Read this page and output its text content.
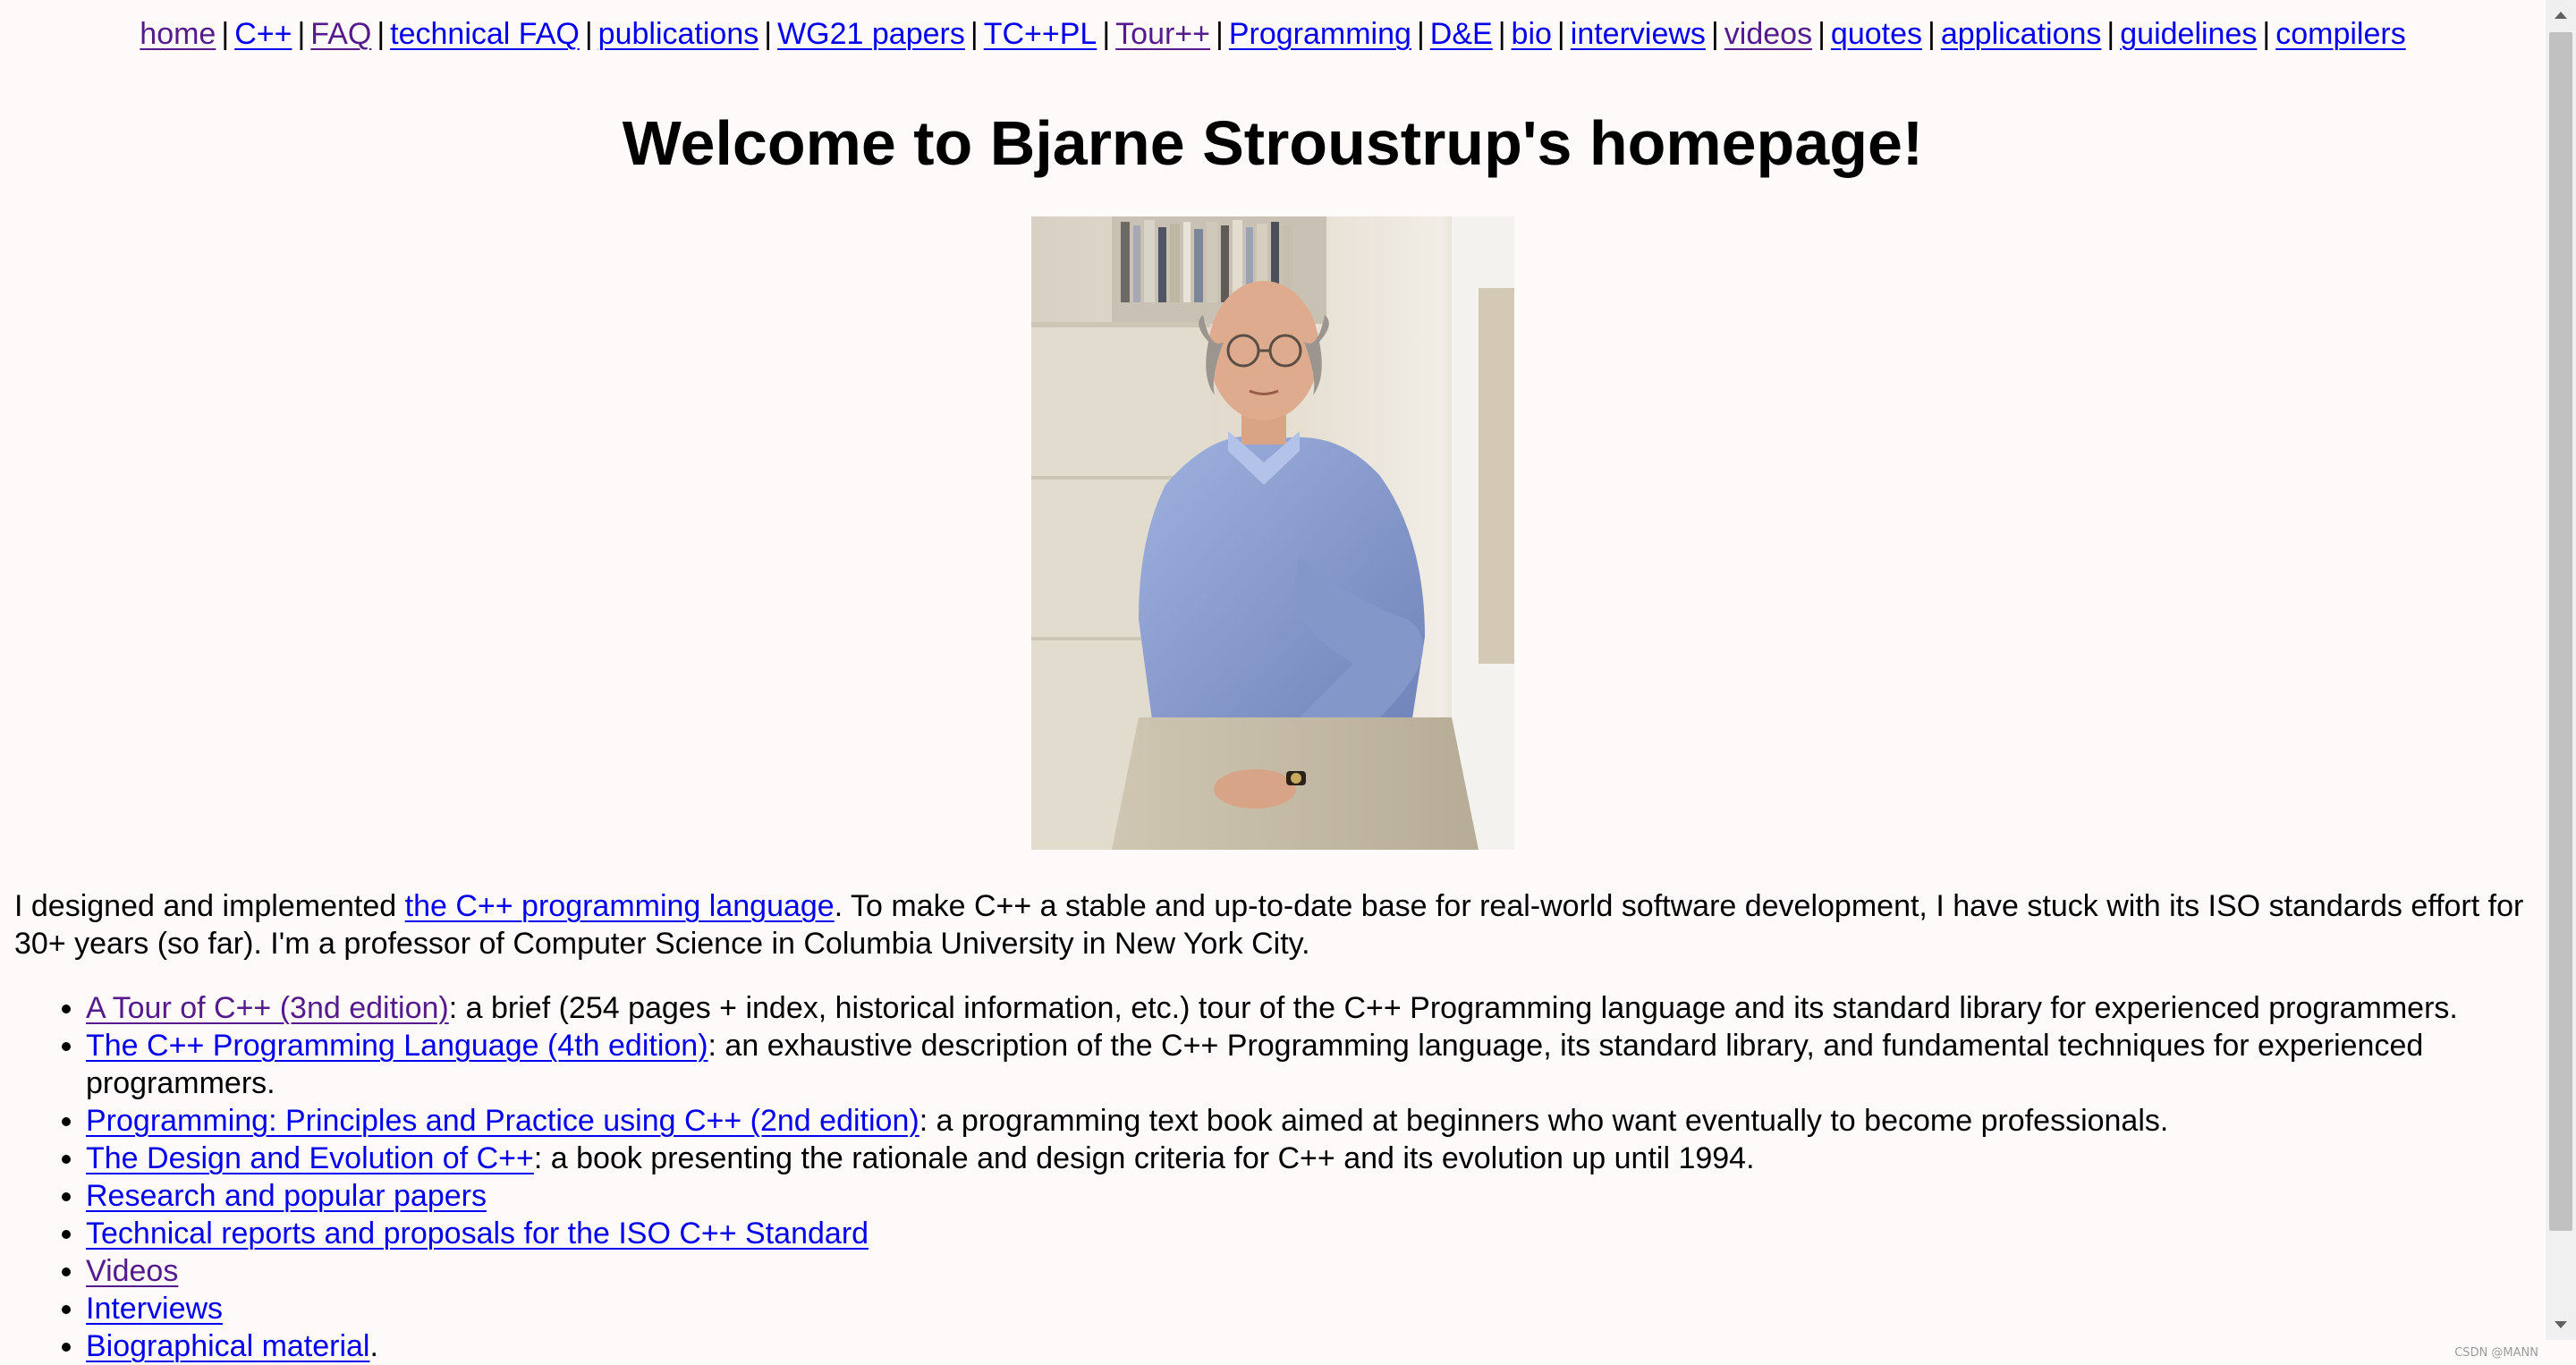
home | C++ | FAQ | technical FAQ | publications | WG21 papers | TC++PL | Tour++ | Programming | D&E | bio | interviews | videos | quotes | applications | guidelines | compilers
Welcome to Bjarne Stroustrup's homepage!

I designed and implemented the C++ programming language. To make C++ a stable and up-to-date base for real-world software development, I have stuck with its ISO standards effort for 30+ years (so far). I'm a professor of Computer Science in Columbia University in New York City.

• A Tour of C++ (3nd edition): a brief (254 pages + index, historical information, etc.) tour of the C++ Programming language and its standard library for experienced programmers.
• The C++ Programming Language (4th edition): an exhaustive description of the C++ Programming language, its standard library, and fundamental techniques for experienced programmers.
• Programming: Principles and Practice using C++ (2nd edition): a programming text book aimed at beginners who want eventually to become professionals.
• The Design and Evolution of C++: a book presenting the rationale and design criteria for C++ and its evolution up until 1994.
• Research and popular papers
• Technical reports and proposals for the ISO C++ Standard
• Videos
• Interviews
• Biographical material.	CSDN @MANN
